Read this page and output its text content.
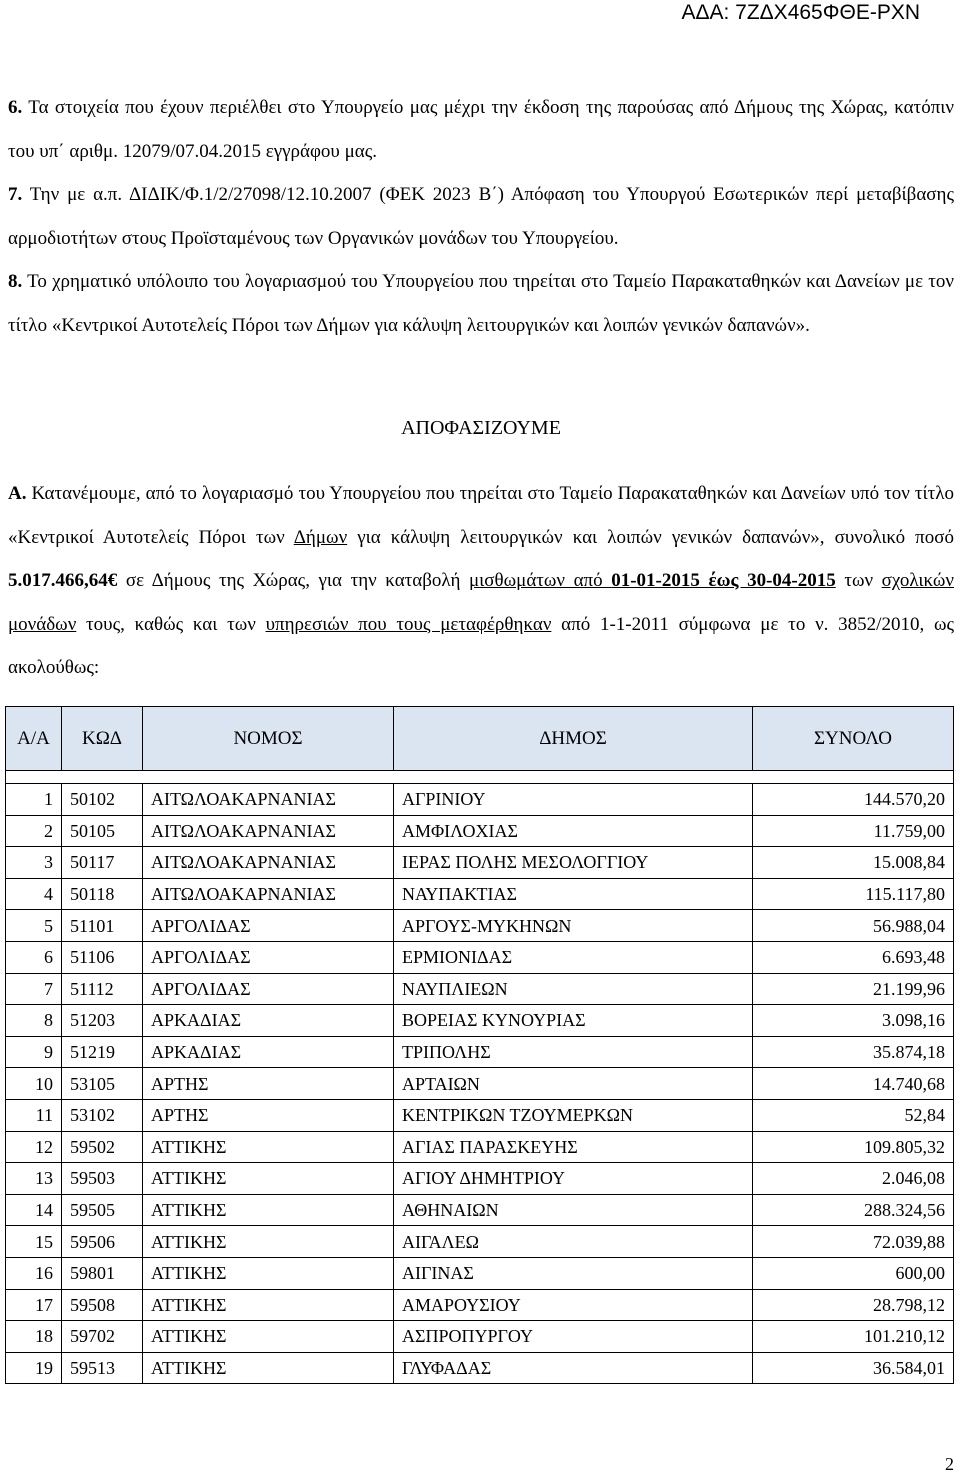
ΑΔΑ: 7ΖΔΧ465ΦΘΕ-ΡΧΝ

6. Τα στοιχεία που έχουν περιέλθει στο Υπουργείο μας μέχρι την έκδοση της παρούσας από Δήμους της Χώρας, κατόπιν του υπ΄ αριθμ. 12079/07.04.2015 εγγράφου μας.

7. Την με α.π. ΔΙΔΙΚ/Φ.1/2/27098/12.10.2007 (ΦΕΚ 2023 Β΄) Απόφαση του Υπουργού Εσωτερικών περί μεταβίβασης αρμοδιοτήτων στους Προϊσταμένους των Οργανικών μονάδων του Υπουργείου.

8. Το χρηματικό υπόλοιπο του λογαριασμού του Υπουργείου που τηρείται στο Ταμείο Παρακαταθηκών και Δανείων με τον τίτλο «Κεντρικοί Αυτοτελείς Πόροι των Δήμων για κάλυψη λειτουργικών και λοιπών γενικών δαπανών».

ΑΠΟΦΑΣΙΖΟΥΜΕ

Α. Κατανέμουμε, από το λογαριασμό του Υπουργείου που τηρείται στο Ταμείο Παρακαταθηκών και Δανείων υπό τον τίτλο «Κεντρικοί Αυτοτελείς Πόροι των Δήμων για κάλυψη λειτουργικών και λοιπών γενικών δαπανών», συνολικό ποσό 5.017.466,64€ σε Δήμους της Χώρας, για την καταβολή μισθωμάτων από 01-01-2015 έως 30-04-2015 των σχολικών μονάδων τους, καθώς και των υπηρεσιών που τους μεταφέρθηκαν από 1-1-2011 σύμφωνα με το ν. 3852/2010, ως ακολούθως:

Α/Α	ΚΩΔ	ΝΟΜΟΣ	ΔΗΜΟΣ	ΣΥΝΟΛΟ

1	50102	ΑΙΤΩΛΟΑΚΑΡΝΑΝΙΑΣ	ΑΓΡΙΝΙΟΥ	144.570,20
2	50105	ΑΙΤΩΛΟΑΚΑΡΝΑΝΙΑΣ	ΑΜΦΙΛΟΧΙΑΣ	11.759,00
3	50117	ΑΙΤΩΛΟΑΚΑΡΝΑΝΙΑΣ	ΙΕΡΑΣ ΠΟΛΗΣ ΜΕΣΟΛΟΓΓΙΟΥ	15.008,84
4	50118	ΑΙΤΩΛΟΑΚΑΡΝΑΝΙΑΣ	ΝΑΥΠΑΚΤΙΑΣ	115.117,80
5	51101	ΑΡΓΟΛΙΔΑΣ	ΑΡΓΟΥΣ-ΜΥΚΗΝΩΝ	56.988,04
6	51106	ΑΡΓΟΛΙΔΑΣ	ΕΡΜΙΟΝΙΔΑΣ	6.693,48
7	51112	ΑΡΓΟΛΙΔΑΣ	ΝΑΥΠΛΙΕΩΝ	21.199,96
8	51203	ΑΡΚΑΔΙΑΣ	ΒΟΡΕΙΑΣ ΚΥΝΟΥΡΙΑΣ	3.098,16
9	51219	ΑΡΚΑΔΙΑΣ	ΤΡΙΠΟΛΗΣ	35.874,18
10	53105	ΑΡΤΗΣ	ΑΡΤΑΙΩΝ	14.740,68
11	53102	ΑΡΤΗΣ	ΚΕΝΤΡΙΚΩΝ ΤΖΟΥΜΕΡΚΩΝ	52,84
12	59502	ΑΤΤΙΚΗΣ	ΑΓΙΑΣ ΠΑΡΑΣΚΕΥΗΣ	109.805,32
13	59503	ΑΤΤΙΚΗΣ	ΑΓΙΟΥ ΔΗΜΗΤΡΙΟΥ	2.046,08
14	59505	ΑΤΤΙΚΗΣ	ΑΘΗΝΑΙΩΝ	288.324,56
15	59506	ΑΤΤΙΚΗΣ	ΑΙΓΑΛΕΩ	72.039,88
16	59801	ΑΤΤΙΚΗΣ	ΑΙΓΙΝΑΣ	600,00
17	59508	ΑΤΤΙΚΗΣ	ΑΜΑΡΟΥΣΙΟΥ	28.798,12
18	59702	ΑΤΤΙΚΗΣ	ΑΣΠΡΟΠΥΡΓΟΥ	101.210,12
19	59513	ΑΤΤΙΚΗΣ	ΓΛΥΦΑΔΑΣ	36.584,01
2
